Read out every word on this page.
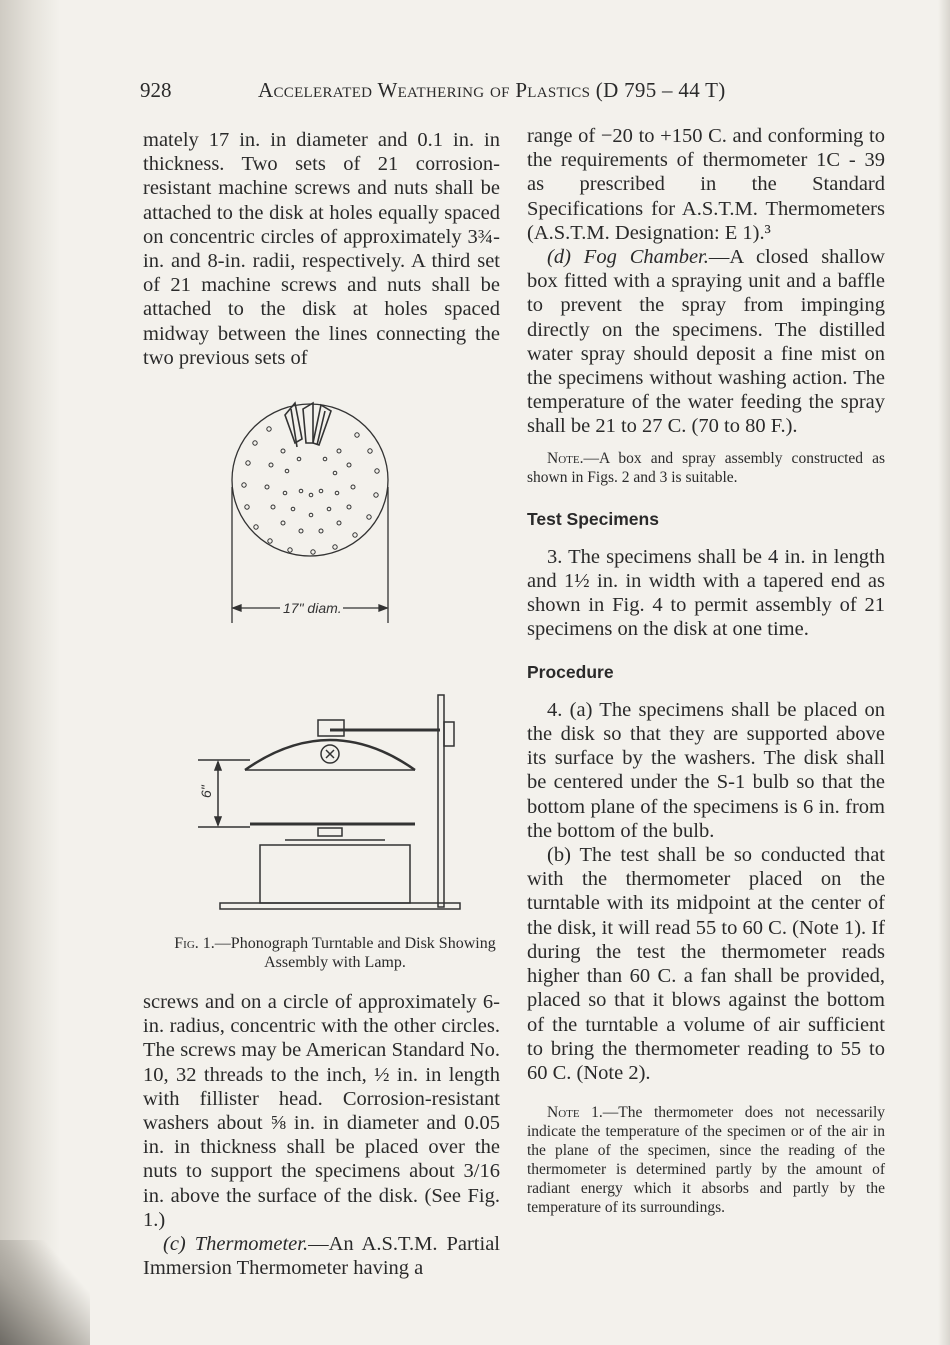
928	Accelerated Weathering of Plastics (D 795 – 44 T)

mately 17 in. in diameter and 0.1 in. in thickness. Two sets of 21 corrosion-resistant machine screws and nuts shall be attached to the disk at holes equally spaced on concentric circles of approximately 3¾-in. and 8-in. radii, respectively. A third set of 21 machine screws and nuts shall be attached to the disk at holes spaced midway between the lines connecting the two previous sets of

17" diam.
6"
Fig. 1.—Phonograph Turntable and Disk Showing Assembly with Lamp.

screws and on a circle of approximately 6-in. radius, concentric with the other circles. The screws may be American Standard No. 10, 32 threads to the inch, ½ in. in length with fillister head. Corrosion-resistant washers about ⅝ in. in diameter and 0.05 in. in thickness shall be placed over the nuts to support the specimens about 3/16 in. above the surface of the disk. (See Fig. 1.)

(c) Thermometer.—An A.S.T.M. Partial Immersion Thermometer having a

range of −20 to +150 C. and conforming to the requirements of thermometer 1C - 39 as prescribed in the Standard Specifications for A.S.T.M. Thermometers (A.S.T.M. Designation: E 1).³

(d) Fog Chamber.—A closed shallow box fitted with a spraying unit and a baffle to prevent the spray from impinging directly on the specimens. The distilled water spray should deposit a fine mist on the specimens without washing action. The temperature of the water feeding the spray shall be 21 to 27 C. (70 to 80 F.).

Note.—A box and spray assembly constructed as shown in Figs. 2 and 3 is suitable.

Test Specimens

3. The specimens shall be 4 in. in length and 1½ in. in width with a tapered end as shown in Fig. 4 to permit assembly of 21 specimens on the disk at one time.

Procedure

4. (a) The specimens shall be placed on the disk so that they are supported above its surface by the washers. The disk shall be centered under the S-1 bulb so that the bottom plane of the specimens is 6 in. from the bottom of the bulb.

(b) The test shall be so conducted that with the thermometer placed on the turntable with its midpoint at the center of the disk, it will read 55 to 60 C. (Note 1). If during the test the thermometer reads higher than 60 C. a fan shall be provided, placed so that it blows against the bottom of the turntable a volume of air sufficient to bring the thermometer reading to 55 to 60 C. (Note 2).

Note 1.—The thermometer does not necessarily indicate the temperature of the specimen or of the air in the plane of the specimen, since the reading of the thermometer is determined partly by the amount of radiant energy which it absorbs and partly by the temperature of its surroundings.
